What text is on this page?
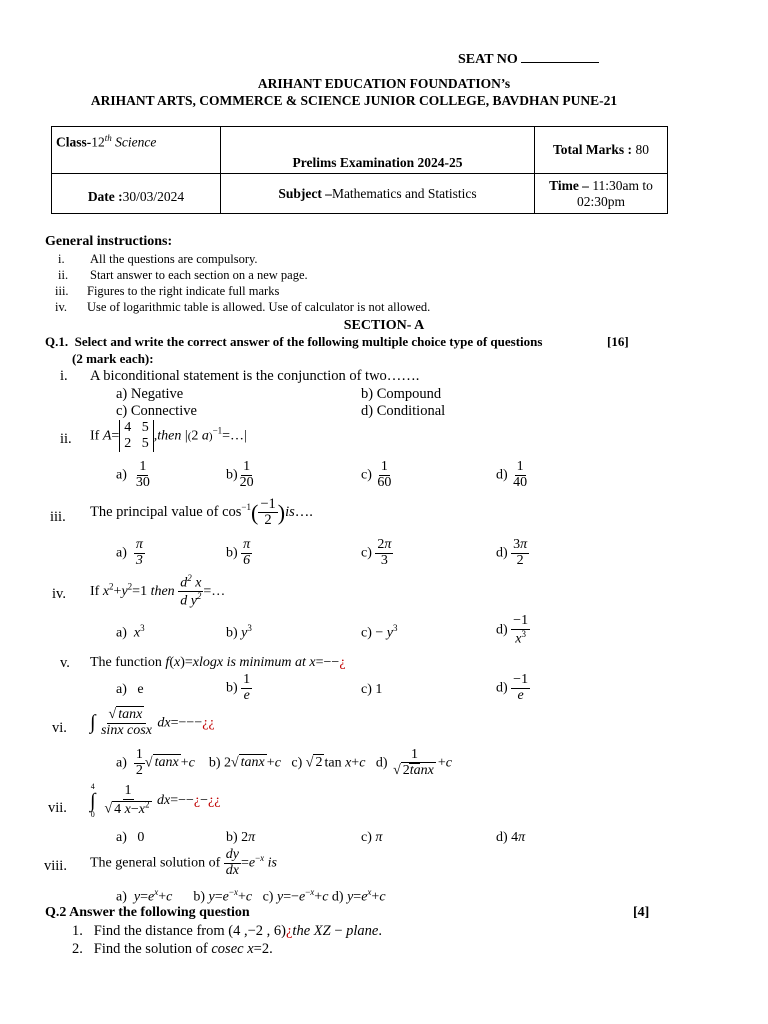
SEAT NO
ARIHANT EDUCATION FOUNDATION’s
ARIHANT ARTS, COMMERCE & SCIENCE JUNIOR COLLEGE, BAVDHAN PUNE-21
Class-12th Science	Prelims Examination 2024-25	Total Marks : 80
Date :30/03/2024	Subject –Mathematics and Statistics	Time – 11:30am to
02:30pm
General instructions:
i. All the questions are compulsory.
ii. Start answer to each section on a new page.
iii. Figures to the right indicate full marks
iv. Use of logarithmic table is allowed. Use of calculator is not allowed.
SECTION- A
Q.1. Select and write the correct answer of the following multiple choice type of questions	[16]
(2 mark each):
i. A biconditional statement is the conjunction of two…….
a) Negative	b) Compound
c) Connective	d) Conditional
ii. If A=4   5
2   5,then |(2 a)$^{-1}$=…|
$a) \frac{1}{30}$	$b) \frac{1}{20}$	$c) \frac{1}{60}$	$d) \frac{1}{40}$
iii. The principal value of $\cos^{-1}( \frac{-1}{2}$ )is….
$a) \frac{\pi}{3}$	$b) \frac{\pi}{6}$	$c) \frac{2\pi}{3}$	$d) \frac{3\pi}{2}$
iv. If $x^2+y^2=1$ then $\frac{d^2 x}{d y^2}$ =…
a)  $x^3$	b) $y^3$	$c) - y^3$	$d) \frac{-1}{x^3}$
v. The function f(x)=xlogx is minimum at x=−−¿
a)   e	$b) \frac{1}{e}$	c) 1	$d) \frac{-1}{e}$
vi. ∫ $\frac{√ \tan x}{\text{sinx cosx}}$ dx=−−−¿¿
$a) \frac{1}{2}$ √ tanx +c    b) 2√ tanx +c   c) √ 2 tan x+c   $d) \frac{1}{√ 2\tan x} +c$
vii.
4
∫
0
$\frac{1}{√ 4 x-x^2}$ dx=−−¿−¿¿
a)   0	b) 2π	c) π	d) 4π
viii. The general solution of $\frac{dy}{dx} =e^{-x}$ is
a)  $y=e^x+c$      b) $y=e^{-x}+c$   c) $y=-e^{-x}+c$ d) $y=e^x+c$
Q.2 Answer the following question	[4]
1. Find the distance from (4 ,−2 , 6)¿the XZ − plane.
2. Find the solution of cosec x=2.
